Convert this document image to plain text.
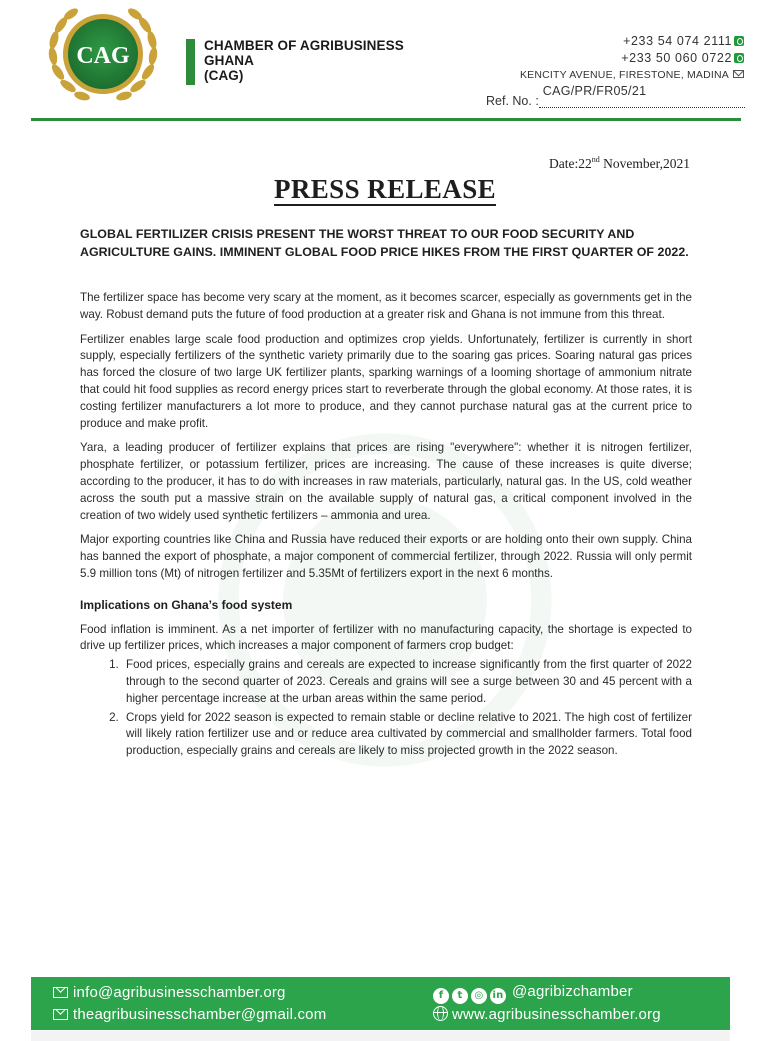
CAG	CHAMBER OF AGRIBUSINESS
GHANA
(CAG)
+233 54 074 2111
+233 50 060 0722
KENCITY AVENUE, FIRESTONE, MADINA
Ref. No. :
CAG/PR/FR05/21
Date:22nd November,2021
PRESS RELEASE
GLOBAL FERTILIZER CRISIS PRESENT THE WORST THREAT TO OUR FOOD SECURITY AND AGRICULTURE GAINS. IMMINENT GLOBAL FOOD PRICE HIKES FROM THE FIRST QUARTER OF 2022.

The fertilizer space has become very scary at the moment, as it becomes scarcer, especially as governments get in the way. Robust demand puts the future of food production at a greater risk and Ghana is not immune from this threat.

Fertilizer enables large scale food production and optimizes crop yields. Unfortunately, fertilizer is currently in short supply, especially fertilizers of the synthetic variety primarily due to the soaring gas prices. Soaring natural gas prices has forced the closure of two large UK fertilizer plants, sparking warnings of a looming shortage of ammonium nitrate that could hit food supplies as record energy prices start to reverberate through the global economy. At those rates, it is costing fertilizer manufacturers a lot more to produce, and they cannot purchase natural gas at the current price to produce and make profit.

Yara, a leading producer of fertilizer explains that prices are rising "everywhere": whether it is nitrogen fertilizer, phosphate fertilizer, or potassium fertilizer, prices are increasing. The cause of these increases is quite diverse; according to the producer, it has to do with increases in raw materials, particularly, natural gas. In the US, cold weather across the south put a massive strain on the available supply of natural gas, a critical component involved in the creation of two widely used synthetic fertilizers – ammonia and urea.

Major exporting countries like China and Russia have reduced their exports or are holding onto their own supply. China has banned the export of phosphate, a major component of commercial fertilizer, through 2022. Russia will only permit 5.9 million tons (Mt) of nitrogen fertilizer and 5.35Mt of fertilizers export in the next 6 months.

Implications on Ghana’s food system

Food inflation is imminent. As a net importer of fertilizer with no manufacturing capacity, the shortage is expected to drive up fertilizer prices, which increases a major component of farmers crop budget:

1. Food prices, especially grains and cereals are expected to increase significantly from the first quarter of 2022 through to the second quarter of 2023. Cereals and grains will see a surge between 30 and 45 percent with a higher percentage increase at the urban areas within the same period.
2. Crops yield for 2022 season is expected to remain stable or decline relative to 2021. The high cost of fertilizer will likely ration fertilizer use and or reduce area cultivated by commercial and smallholder farmers. Total food production, especially grains and cereals are likely to miss projected growth in the 2022 season.
info@agribusinesschamber.org
theagribusinesschamber@gmail.com
f	t	◎ in @agribizchamber
www.agribusinesschamber.org
